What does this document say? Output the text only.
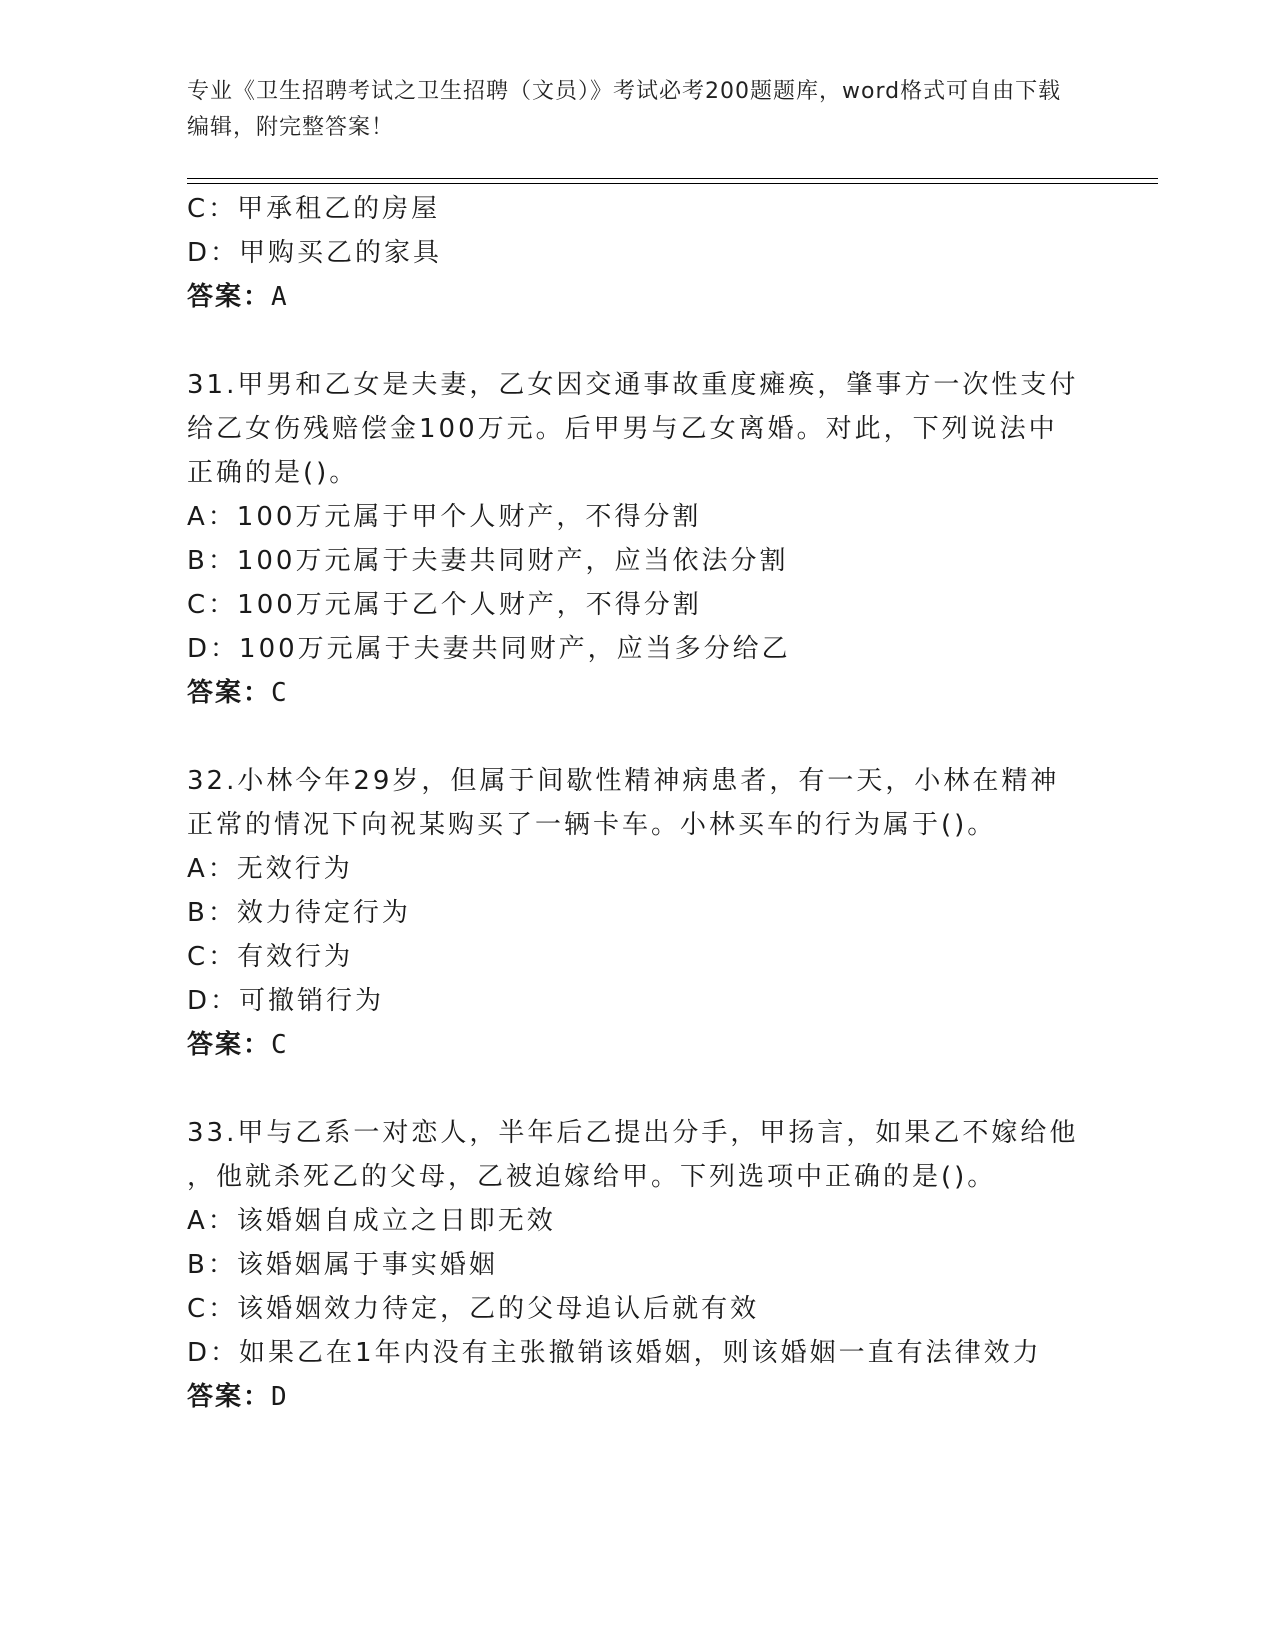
专业《卫生招聘考试之卫生招聘（文员）》考试必考200题题库，word格式可自由下载编辑，附完整答案！
C：甲承租乙的房屋
D：甲购买乙的家具
答案：A
31.甲男和乙女是夫妻，乙女因交通事故重度瘫痪，肇事方一次性支付
给乙女伤残赔偿金100万元。后甲男与乙女离婚。对此，下列说法中
正确的是()。
A：100万元属于甲个人财产，不得分割
B：100万元属于夫妻共同财产，应当依法分割
C：100万元属于乙个人财产，不得分割
D：100万元属于夫妻共同财产，应当多分给乙
答案：C
32.小林今年29岁，但属于间歇性精神病患者，有一天，小林在精神
正常的情况下向祝某购买了一辆卡车。小林买车的行为属于()。
A：无效行为
B：效力待定行为
C：有效行为
D：可撤销行为
答案：C
33.甲与乙系一对恋人，半年后乙提出分手，甲扬言，如果乙不嫁给他
，他就杀死乙的父母，乙被迫嫁给甲。下列选项中正确的是()。
A：该婚姻自成立之日即无效
B：该婚姻属于事实婚姻
C：该婚姻效力待定，乙的父母追认后就有效
D：如果乙在1年内没有主张撤销该婚姻，则该婚姻一直有法律效力
答案：D
